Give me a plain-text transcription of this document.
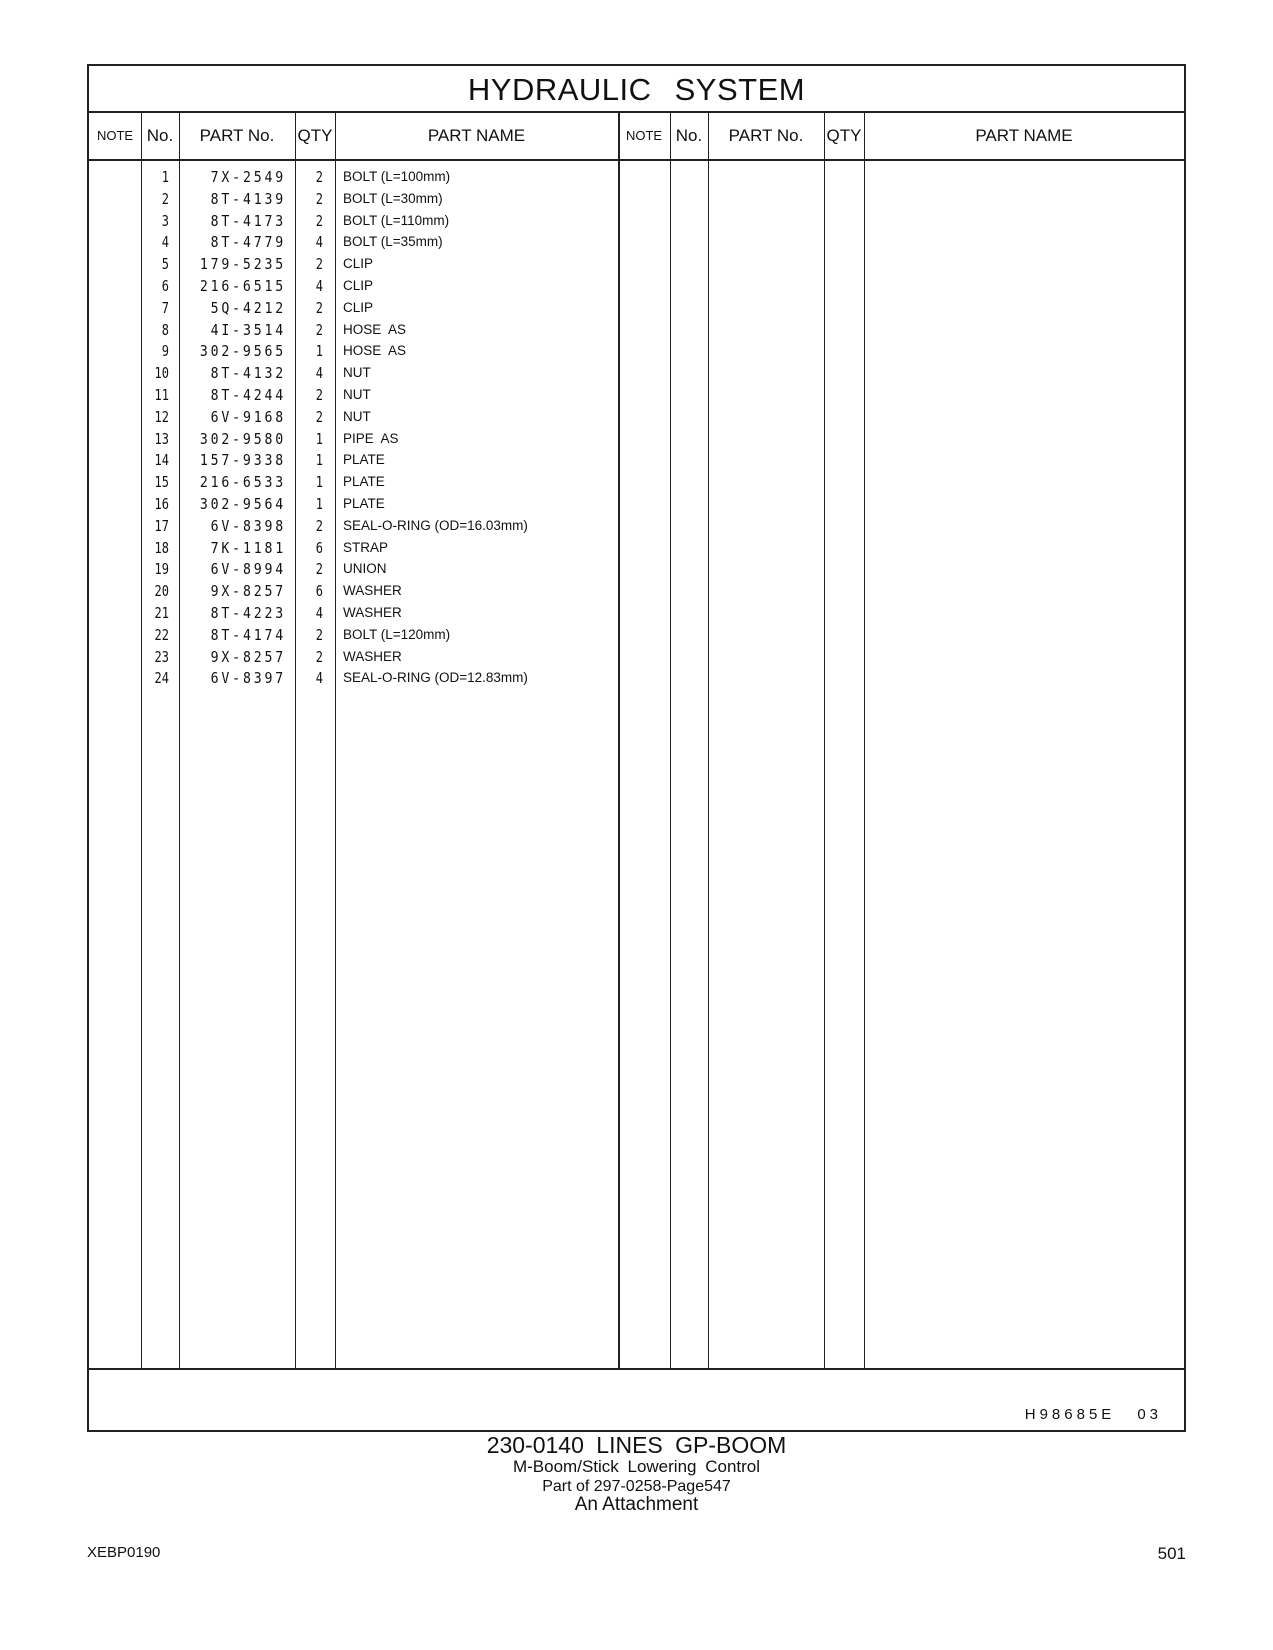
HYDRAULIC SYSTEM
NOTE No.	PART No.	QTY	PART NAME	NOTE No.	PART No.	QTY	PART NAME
1	7X-2549	2 BOLT (L=100mm)
2	8T-4139	2 BOLT (L=30mm)
3	8T-4173	2 BOLT (L=110mm)
4	8T-4779	4 BOLT (L=35mm)
5	179-5235	2 CLIP
6	216-6515	4 CLIP
7	5Q-4212	2 CLIP
8	4I-3514	2 HOSE  AS
9	302-9565	1 HOSE  AS
10	8T-4132	4 NUT
11	8T-4244	2 NUT
12	6V-9168	2 NUT
13	302-9580	1 PIPE  AS
14	157-9338	1 PLATE
15	216-6533	1 PLATE
16	302-9564	1 PLATE
17	6V-8398	2 SEAL-O-RING (OD=16.03mm)
18	7K-1181	6 STRAP
19	6V-8994	2 UNION
20	9X-8257	6 WASHER
21	8T-4223	4 WASHER
22	8T-4174	2 BOLT (L=120mm)
23	9X-8257	2 WASHER
24	6V-8397	4 SEAL-O-RING (OD=12.83mm)
H98685E 03
230-0140 LINES GP-BOOM
M-Boom/Stick Lowering Control
Part of 297-0258-Page547
An Attachment
XEBP0190	501
